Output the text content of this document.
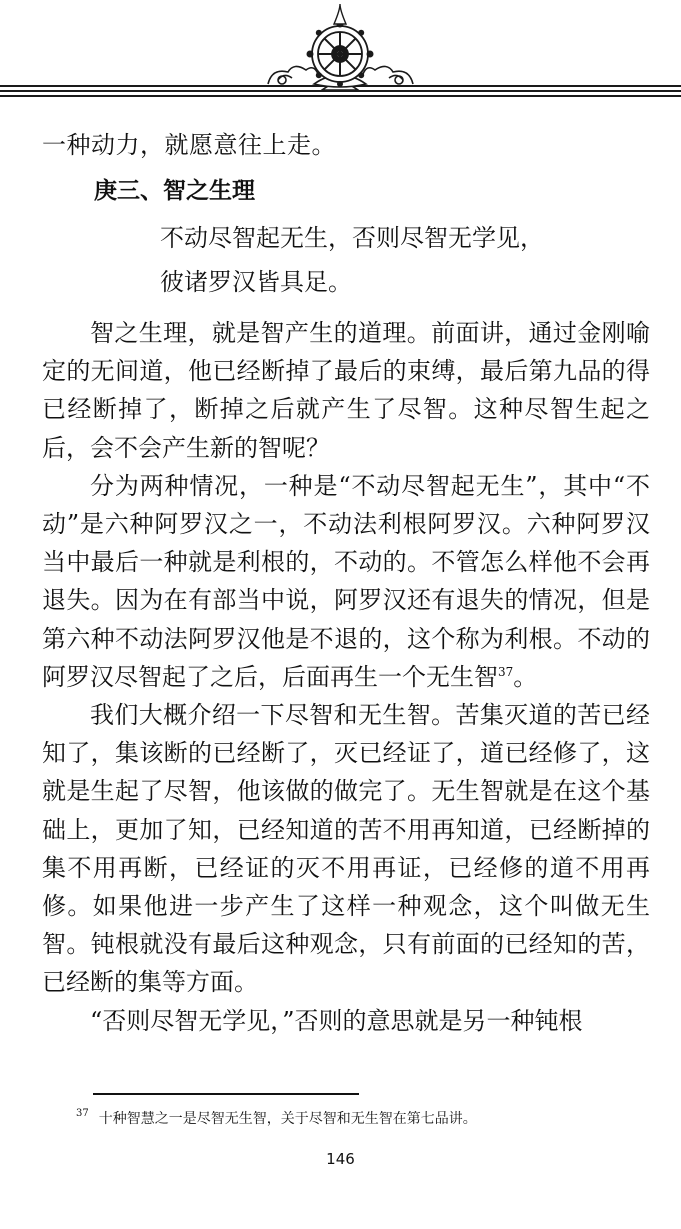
一种动力，就愿意往上走。
庚三、智之生理
不动尽智起无生，否则尽智无学见，
彼诸罗汉皆具足。

智之生理，就是智产生的道理。前面讲，通过金刚喻定的无间道，他已经断掉了最后的束缚，最后第九品的得已经断掉了，断掉之后就产生了尽智。这种尽智生起之后，会不会产生新的智呢？

分为两种情况，一种是“不动尽智起无生”，其中“不动”是六种阿罗汉之一，不动法利根阿罗汉。六种阿罗汉当中最后一种就是利根的，不动的。不管怎么样他不会再退失。因为在有部当中说，阿罗汉还有退失的情况，但是第六种不动法阿罗汉他是不退的，这个称为利根。不动的阿罗汉尽智起了之后，后面再生一个无生智$^{37}$。

我们大概介绍一下尽智和无生智。苦集灭道的苦已经知了，集该断的已经断了，灭已经证了，道已经修了，这就是生起了尽智，他该做的做完了。无生智就是在这个基础上，更加了知，已经知道的苦不用再知道，已经断掉的集不用再断，已经证的灭不用再证，已经修的道不用再修。如果他进一步产生了这样一种观念，这个叫做无生智。钝根就没有最后这种观念，只有前面的已经知的苦，已经断的集等方面。

“否则尽智无学见，”否则的意思就是另一种钝根

$^{37}$ 十种智慧之一是尽智无生智，关于尽智和无生智在第七品讲。
146
